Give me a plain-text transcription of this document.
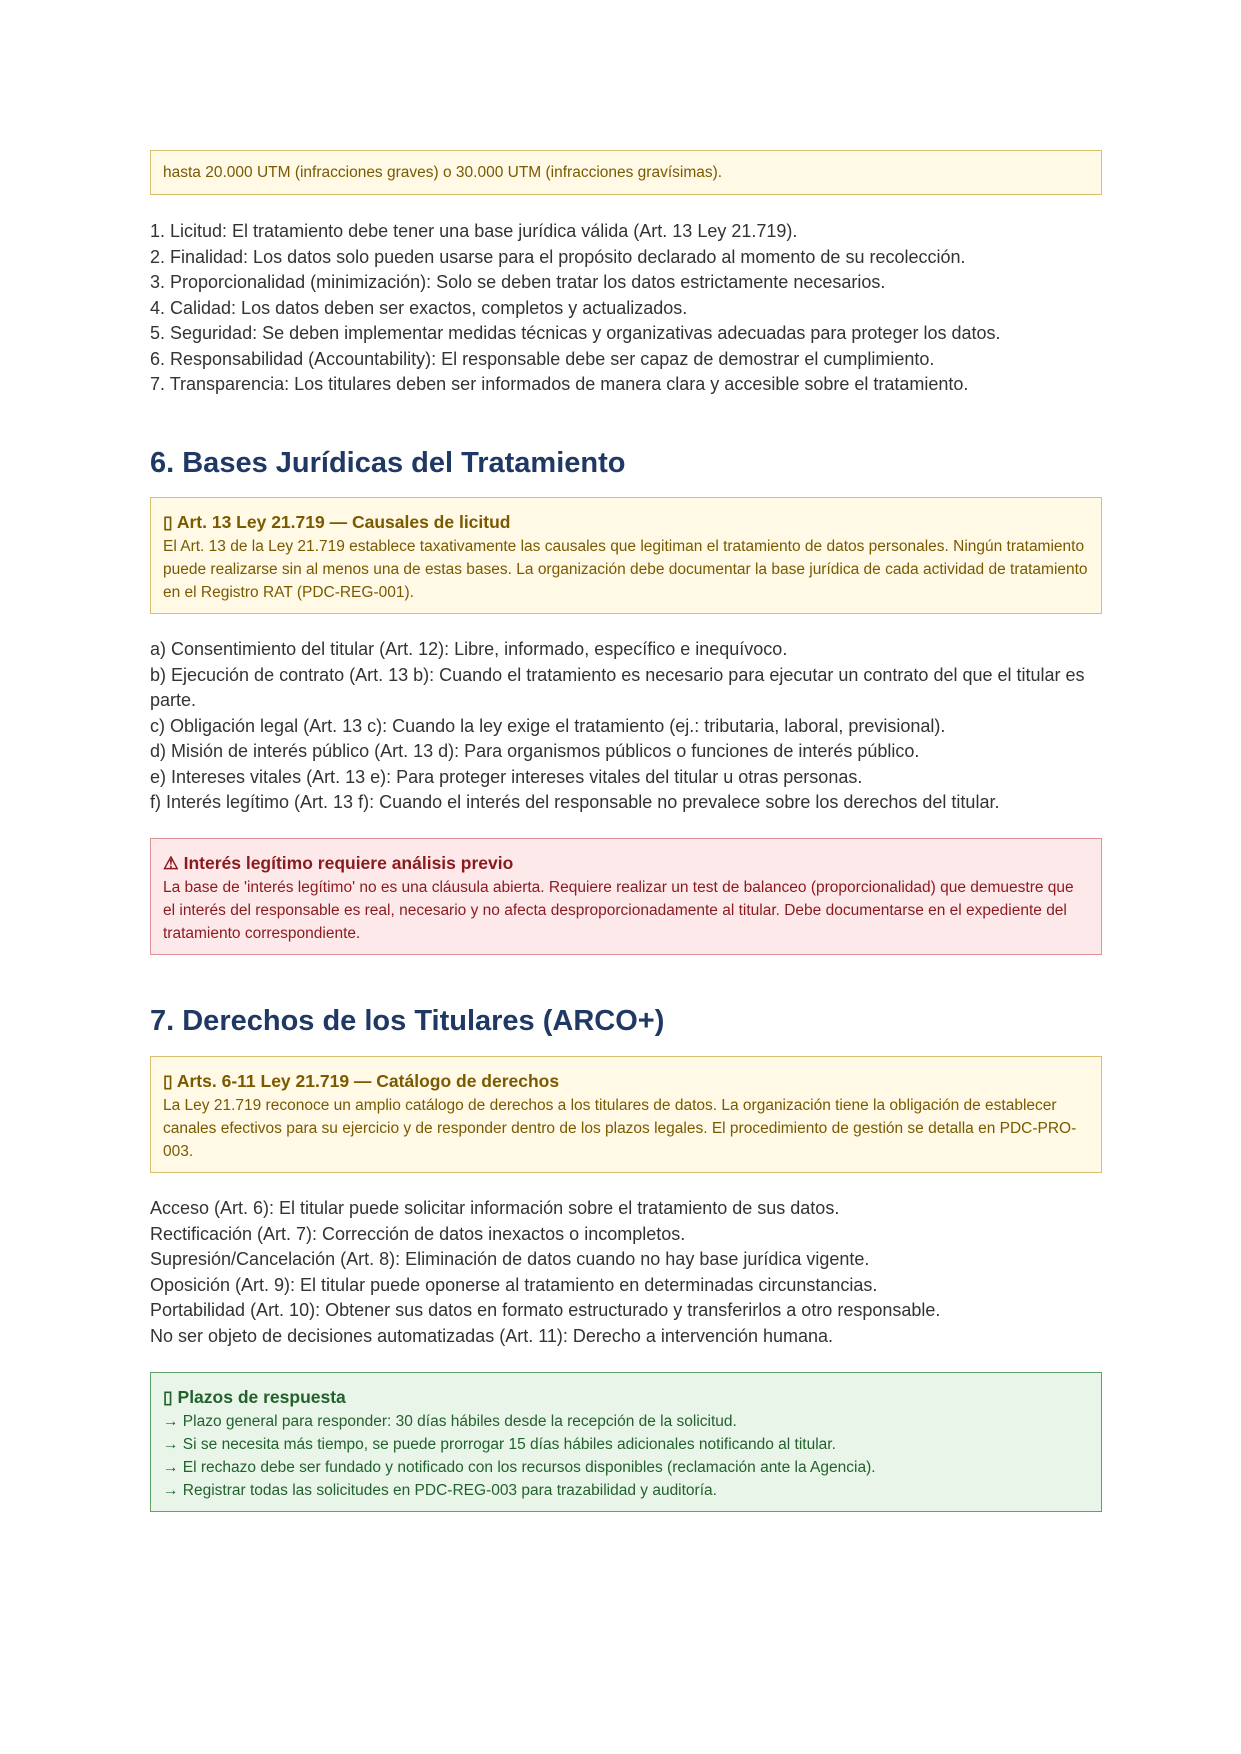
hasta 20.000 UTM (infracciones graves) o 30.000 UTM (infracciones gravísimas).
1. Licitud: El tratamiento debe tener una base jurídica válida (Art. 13 Ley 21.719).
2. Finalidad: Los datos solo pueden usarse para el propósito declarado al momento de su recolección.
3. Proporcionalidad (minimización): Solo se deben tratar los datos estrictamente necesarios.
4. Calidad: Los datos deben ser exactos, completos y actualizados.
5. Seguridad: Se deben implementar medidas técnicas y organizativas adecuadas para proteger los datos.
6. Responsabilidad (Accountability): El responsable debe ser capaz de demostrar el cumplimiento.
7. Transparencia: Los titulares deben ser informados de manera clara y accesible sobre el tratamiento.
6. Bases Jurídicas del Tratamiento
▯ Art. 13 Ley 21.719 — Causales de licitud
El Art. 13 de la Ley 21.719 establece taxativamente las causales que legitiman el tratamiento de datos personales. Ningún tratamiento puede realizarse sin al menos una de estas bases. La organización debe documentar la base jurídica de cada actividad de tratamiento en el Registro RAT (PDC-REG-001).
a) Consentimiento del titular (Art. 12): Libre, informado, específico e inequívoco.
b) Ejecución de contrato (Art. 13 b): Cuando el tratamiento es necesario para ejecutar un contrato del que el titular es parte.
c) Obligación legal (Art. 13 c): Cuando la ley exige el tratamiento (ej.: tributaria, laboral, previsional).
d) Misión de interés público (Art. 13 d): Para organismos públicos o funciones de interés público.
e) Intereses vitales (Art. 13 e): Para proteger intereses vitales del titular u otras personas.
f) Interés legítimo (Art. 13 f): Cuando el interés del responsable no prevalece sobre los derechos del titular.
⚠ Interés legítimo requiere análisis previo
La base de 'interés legítimo' no es una cláusula abierta. Requiere realizar un test de balanceo (proporcionalidad) que demuestre que el interés del responsable es real, necesario y no afecta desproporcionadamente al titular. Debe documentarse en el expediente del tratamiento correspondiente.
7. Derechos de los Titulares (ARCO+)
▯ Arts. 6-11 Ley 21.719 — Catálogo de derechos
La Ley 21.719 reconoce un amplio catálogo de derechos a los titulares de datos. La organización tiene la obligación de establecer canales efectivos para su ejercicio y de responder dentro de los plazos legales. El procedimiento de gestión se detalla en PDC-PRO-003.
Acceso (Art. 6): El titular puede solicitar información sobre el tratamiento de sus datos.
Rectificación (Art. 7): Corrección de datos inexactos o incompletos.
Supresión/Cancelación (Art. 8): Eliminación de datos cuando no hay base jurídica vigente.
Oposición (Art. 9): El titular puede oponerse al tratamiento en determinadas circunstancias.
Portabilidad (Art. 10): Obtener sus datos en formato estructurado y transferirlos a otro responsable.
No ser objeto de decisiones automatizadas (Art. 11): Derecho a intervención humana.
▯ Plazos de respuesta
→ Plazo general para responder: 30 días hábiles desde la recepción de la solicitud.
→ Si se necesita más tiempo, se puede prorrogar 15 días hábiles adicionales notificando al titular.
→ El rechazo debe ser fundado y notificado con los recursos disponibles (reclamación ante la Agencia).
→ Registrar todas las solicitudes en PDC-REG-003 para trazabilidad y auditoría.
